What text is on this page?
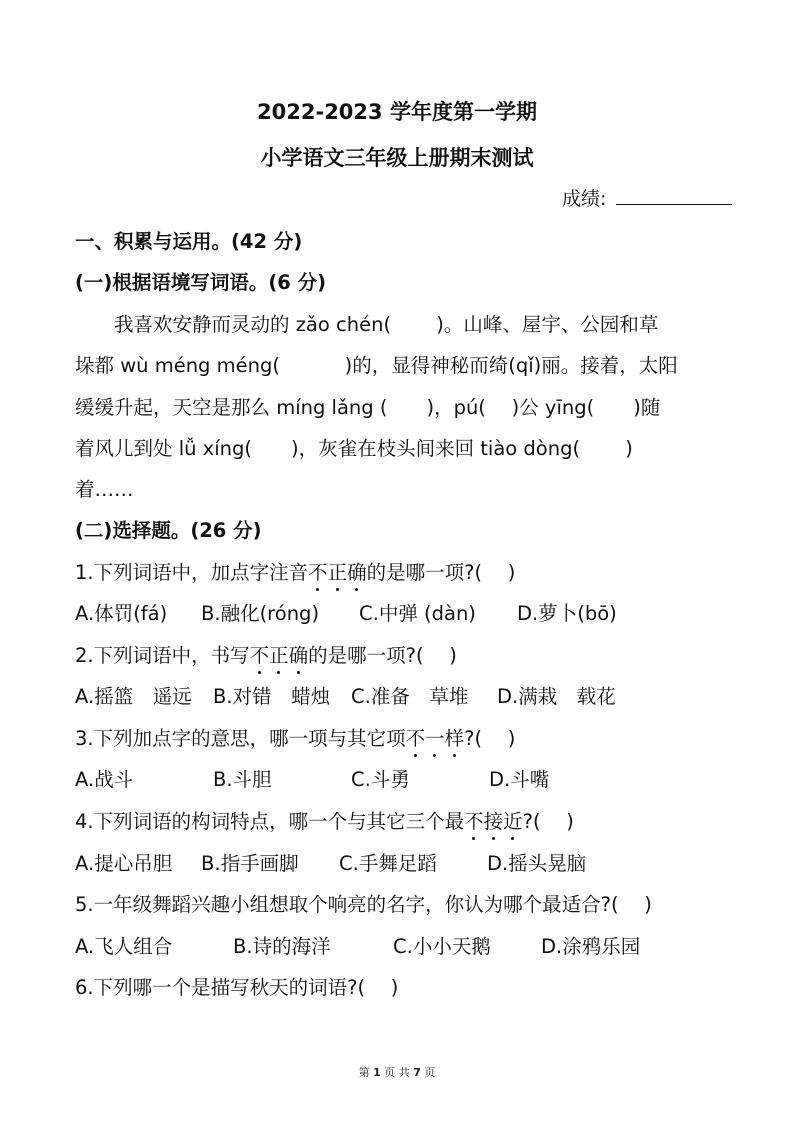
2022-2023 学年度第一学期
小学语文三年级上册期末测试
成绩:
一、积累与运用。(42 分)
(一)根据语境写词语。(6 分)
　　我喜欢安静而灵动的 zǎo chén(　　 )。山峰、屋宇、公园和草
垛都 wù méng méng(　　　 )的，显得神秘而绮(qǐ)丽。接着，太阳
缓缓升起，天空是那么 míng lǎng (　　)，pú(　 )公 yīng(　　)随
着风儿到处 lǚ xíng(　　)，灰雀在枝头间来回 tiào dòng(　　 )
着……
(二)选择题。(26 分)
1.下列词语中，加点字注音不正确的是哪一项?(　 )
A.体罚(fá) B.融化(róng) C.中弹 (dàn) D.萝卜(bō)
2.下列词语中，书写不正确的是哪一项?(　 )
A.摇篮　遥远 B.对错　蜡烛 C.准备　草堆 D.满栽　载花
3.下列加点字的意思，哪一项与其它项不一样?(　 )
A.战斗	B.斗胆	C.斗勇	D.斗嘴
4.下列词语的构词特点，哪一个与其它三个最不接近?(　 )
A.提心吊胆 B.指手画脚 C.手舞足蹈	D.摇头晃脑
5.一年级舞蹈兴趣小组想取个响亮的名字，你认为哪个最适合?(　 )
A.飞人组合	B.诗的海洋	C.小小天鹅	D.涂鸦乐园
6.下列哪一个是描写秋天的词语?(　 )
第 1 页 共 7 页
